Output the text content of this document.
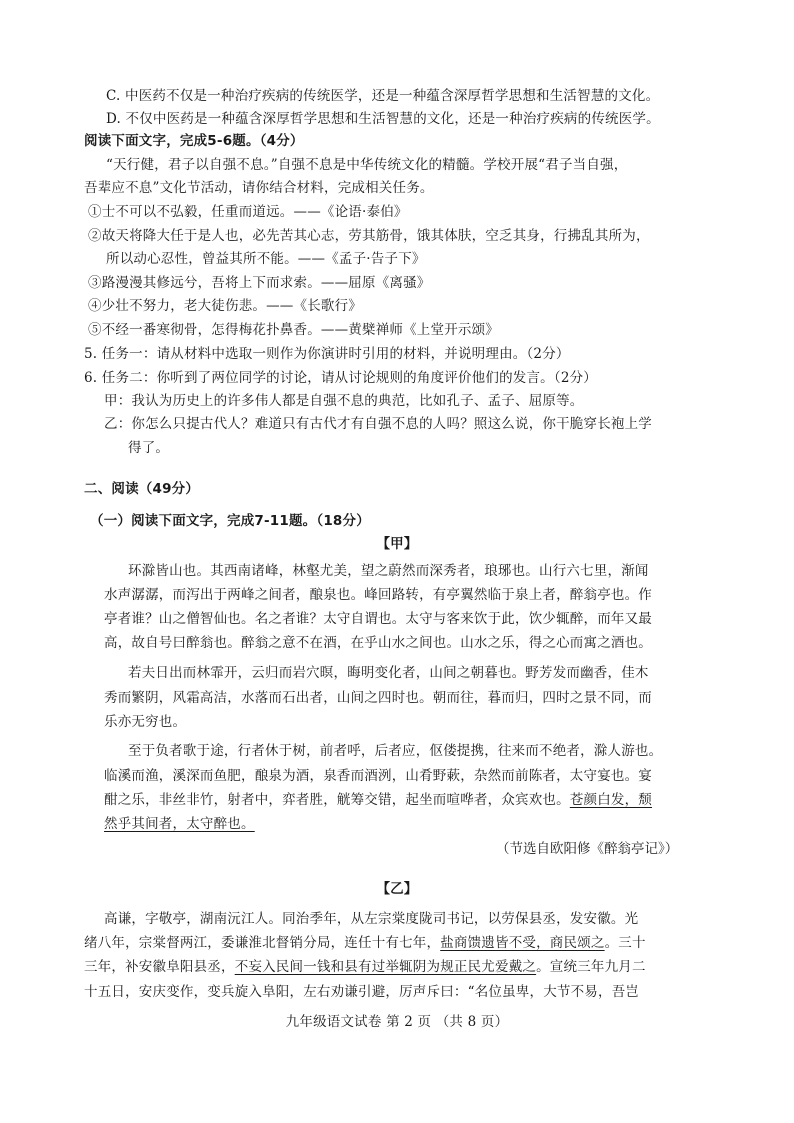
C. 中医药不仅是一种治疗疾病的传统医学，还是一种蕴含深厚哲学思想和生活智慧的文化。
D. 不仅中医药是一种蕴含深厚哲学思想和生活智慧的文化，还是一种治疗疾病的传统医学。
阅读下面文字，完成5-6题。（4分）
“天行健，君子以自强不息。”自强不息是中华传统文化的精髓。学校开展“君子当自强，
吾辈应不息”文化节活动，请你结合材料，完成相关任务。
①士不可以不弘毅，任重而道远。——《论语·泰伯》
②故天将降大任于是人也，必先苦其心志，劳其筋骨，饿其体肤，空乏其身，行拂乱其所为，
所以动心忍性，曾益其所不能。——《孟子·告子下》
③路漫漫其修远兮，吾将上下而求索。——屈原《离骚》
④少壮不努力，老大徒伤悲。——《长歌行》
⑤不经一番寒彻骨，怎得梅花扑鼻香。——黄檗禅师《上堂开示颂》
5. 任务一：请从材料中选取一则作为你演讲时引用的材料，并说明理由。（2分）
6. 任务二：你听到了两位同学的讨论，请从讨论规则的角度评价他们的发言。（2分）
甲：我认为历史上的许多伟人都是自强不息的典范，比如孔子、孟子、屈原等。
乙：你怎么只提古代人？难道只有古代才有自强不息的人吗？照这么说，你干脆穿长袍上学
得了。
二、阅读（49分）
（一）阅读下面文字，完成7-11题。（18分）
【甲】
环滁皆山也。其西南诸峰，林壑尤美，望之蔚然而深秀者，琅琊也。山行六七里，渐闻
水声潺潺，而泻出于两峰之间者，酿泉也。峰回路转，有亭翼然临于泉上者，醉翁亭也。作
亭者谁？山之僧智仙也。名之者谁？太守自谓也。太守与客来饮于此，饮少辄醉，而年又最
高，故自号曰醉翁也。醉翁之意不在酒，在乎山水之间也。山水之乐，得之心而寓之酒也。
若夫日出而林霏开，云归而岩穴暝，晦明变化者，山间之朝暮也。野芳发而幽香，佳木
秀而繁阴，风霜高洁，水落而石出者，山间之四时也。朝而往，暮而归，四时之景不同，而
乐亦无穷也。
至于负者歌于途，行者休于树，前者呼，后者应，伛偻提携，往来而不绝者，滁人游也。
临溪而渔，溪深而鱼肥，酿泉为酒，泉香而酒洌，山肴野蔌，杂然而前陈者，太守宴也。宴
酣之乐，非丝非竹，射者中，弈者胜，觥筹交错，起坐而喧哗者，众宾欢也。苍颜白发，颓
然乎其间者，太守醉也。
（节选自欧阳修《醉翁亭记》）
【乙】
高谦，字敬亭，湖南沅江人。同治季年，从左宗棠度陇司书记，以劳保县丞，发安徽。光
绪八年，宗棠督两江，委谦淮北督销分局，连任十有七年，盐商馈遗皆不受，商民颂之。三十
三年，补安徽阜阳县丞，不妄入民间一钱和县有过举辄阴为规正民尤爱戴之。宣统三年九月二
十五日，安庆变作，变兵旋入阜阳，左右劝谦引避，厉声斥曰：“名位虽卑，大节不易，吾岂
九年级语文试卷 第 2 页 （共 8 页）
